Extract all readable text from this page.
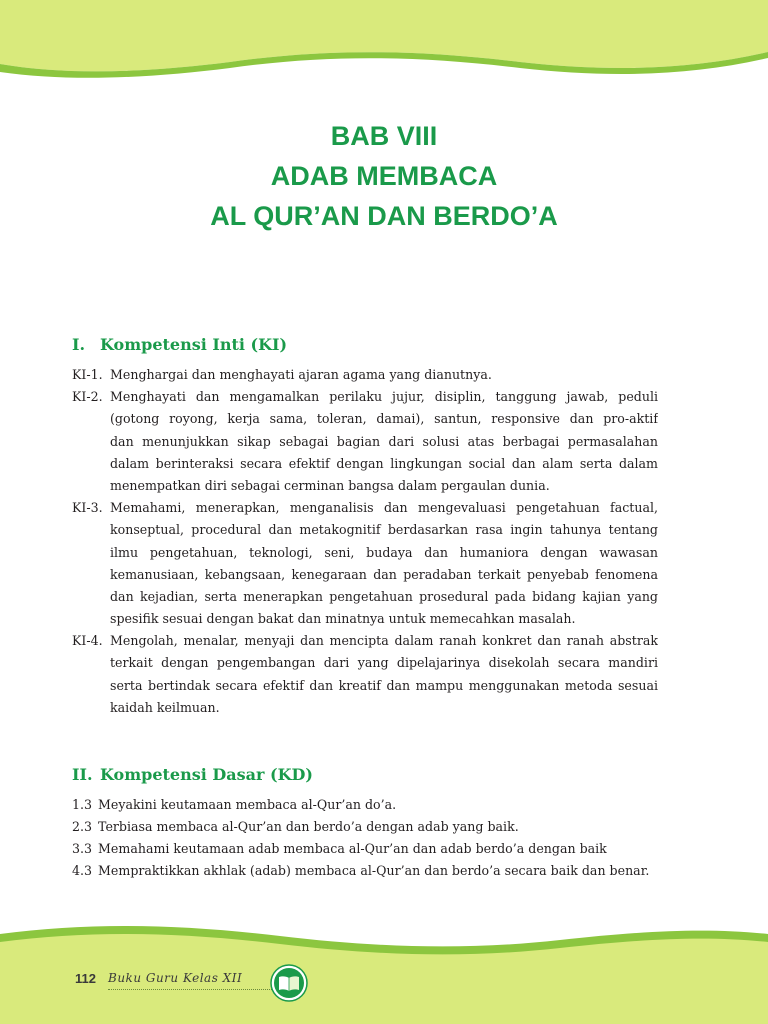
BAB VIII
ADAB MEMBACA
AL QUR’AN DAN BERDO’A
I. Kompetensi Inti (KI)
KI-1. Menghargai dan menghayati ajaran agama yang dianutnya.
KI-2. Menghayati dan mengamalkan perilaku jujur, disiplin, tanggung jawab, peduli
(gotong royong, kerja sama, toleran, damai), santun, responsive dan pro-aktif
dan menunjukkan sikap sebagai bagian dari solusi atas berbagai permasalahan
dalam berinteraksi secara efektif dengan lingkungan social dan alam serta dalam
menempatkan diri sebagai cerminan bangsa dalam pergaulan dunia.
KI-3. Memahami, menerapkan, menganalisis dan mengevaluasi pengetahuan factual,
konseptual, procedural dan metakognitif berdasarkan rasa ingin tahunya tentang
ilmu pengetahuan, teknologi, seni, budaya dan humaniora dengan wawasan
kemanusiaan, kebangsaan, kenegaraan dan peradaban terkait penyebab fenomena
dan kejadian, serta menerapkan pengetahuan prosedural pada bidang kajian yang
spesifik sesuai dengan bakat dan minatnya untuk memecahkan masalah.
KI-4. Mengolah, menalar, menyaji dan mencipta dalam ranah konkret dan ranah abstrak
terkait dengan pengembangan dari yang dipelajarinya disekolah secara mandiri
serta bertindak secara efektif dan kreatif dan mampu menggunakan metoda sesuai
kaidah keilmuan.
II. Kompetensi Dasar (KD)
1.3 Meyakini keutamaan membaca al-Qur’an do’a.
2.3 Terbiasa membaca al-Qur’an dan berdo’a dengan adab yang baik.
3.3 Memahami keutamaan adab membaca al-Qur’an dan adab berdo’a dengan baik
4.3 Mempraktikkan akhlak (adab) membaca al-Qur’an dan berdo’a secara baik dan benar.
112 Buku Guru Kelas XII
